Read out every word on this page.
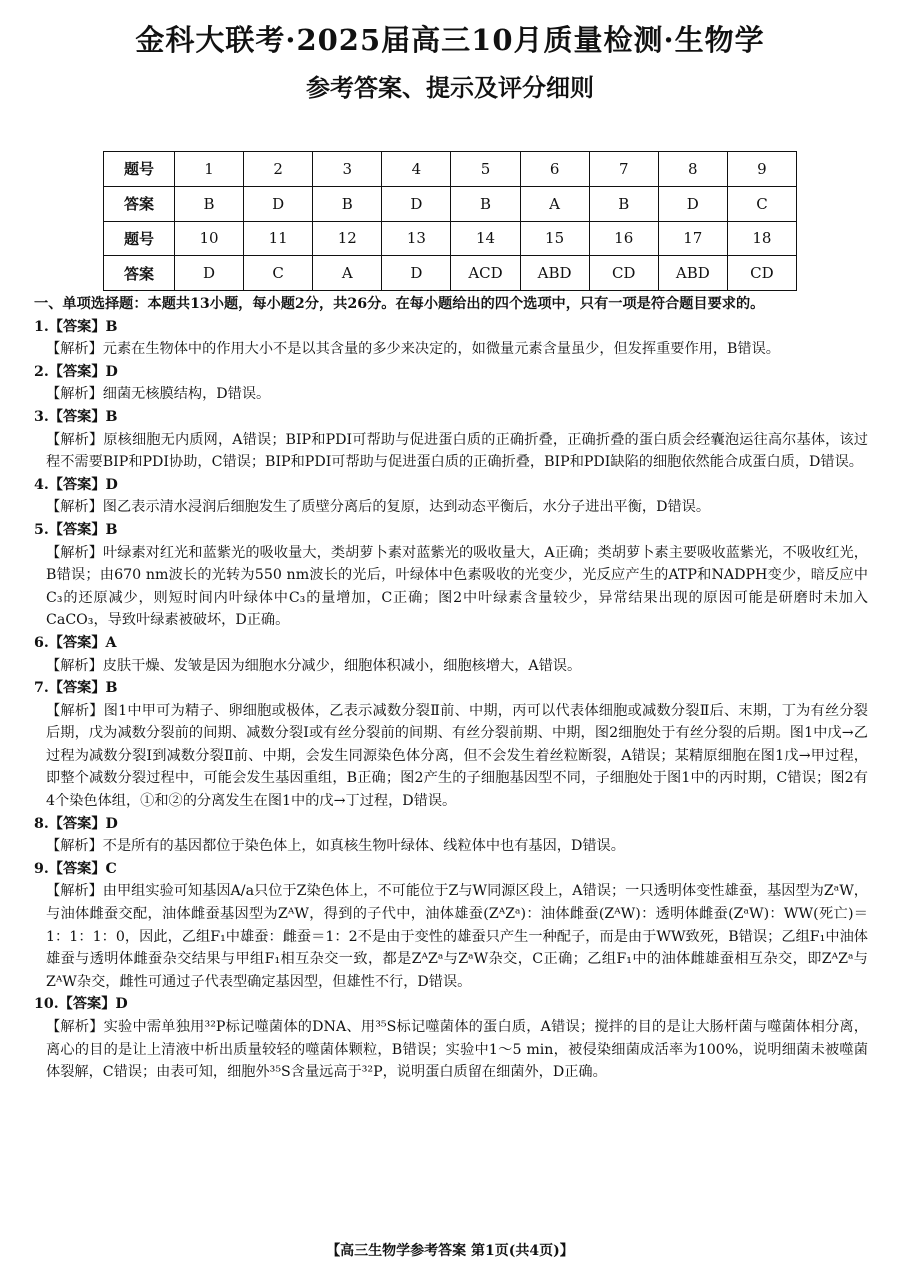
金科大联考·2025届高三10月质量检测·生物学
参考答案、提示及评分细则
题号	1	2	3	4	5	6	7	8	9
答案	B	D	B	D	B	A	B	D	C
题号	10	11	12	13	14	15	16	17	18
答案	D	C	A	D	ACD	ABD	CD	ABD	CD

一、单项选择题：本题共13小题，每小题2分，共26分。在每小题给出的四个选项中，只有一项是符合题目要求的。

1.【答案】B

【解析】元素在生物体中的作用大小不是以其含量的多少来决定的，如微量元素含量虽少，但发挥重要作用，B错误。

2.【答案】D

【解析】细菌无核膜结构，D错误。

3.【答案】B

【解析】原核细胞无内质网，A错误；BIP和PDI可帮助与促进蛋白质的正确折叠，正确折叠的蛋白质会经囊泡运往高尔基体，该过程不需要BIP和PDI协助，C错误；BIP和PDI可帮助与促进蛋白质的正确折叠，BIP和PDI缺陷的细胞依然能合成蛋白质，D错误。

4.【答案】D

【解析】图乙表示清水浸润后细胞发生了质壁分离后的复原，达到动态平衡后，水分子进出平衡，D错误。

5.【答案】B

【解析】叶绿素对红光和蓝紫光的吸收量大，类胡萝卜素对蓝紫光的吸收量大，A正确；类胡萝卜素主要吸收蓝紫光，不吸收红光，B错误；由670 nm波长的光转为550 nm波长的光后，叶绿体中色素吸收的光变少，光反应产生的ATP和NADPH变少，暗反应中C₃的还原减少，则短时间内叶绿体中C₃的量增加，C正确；图2中叶绿素含量较少，异常结果出现的原因可能是研磨时未加入CaCO₃，导致叶绿素被破坏，D正确。

6.【答案】A

【解析】皮肤干燥、发皱是因为细胞水分减少，细胞体积减小，细胞核增大，A错误。

7.【答案】B

【解析】图1中甲可为精子、卵细胞或极体，乙表示减数分裂Ⅱ前、中期，丙可以代表体细胞或减数分裂Ⅱ后、末期，丁为有丝分裂后期，戊为减数分裂前的间期、减数分裂Ⅰ或有丝分裂前的间期、有丝分裂前期、中期，图2细胞处于有丝分裂的后期。图1中戊→乙过程为减数分裂Ⅰ到减数分裂Ⅱ前、中期，会发生同源染色体分离，但不会发生着丝粒断裂，A错误；某精原细胞在图1戊→甲过程，即整个减数分裂过程中，可能会发生基因重组，B正确；图2产生的子细胞基因型不同，子细胞处于图1中的丙时期，C错误；图2有4个染色体组，①和②的分离发生在图1中的戊→丁过程，D错误。

8.【答案】D

【解析】不是所有的基因都位于染色体上，如真核生物叶绿体、线粒体中也有基因，D错误。

9.【答案】C

【解析】由甲组实验可知基因A/a只位于Z染色体上，不可能位于Z与W同源区段上，A错误；一只透明体变性雄蚕，基因型为ZᵃW，与油体雌蚕交配，油体雌蚕基因型为ZᴬW，得到的子代中，油体雄蚕(ZᴬZᵃ)：油体雌蚕(ZᴬW)：透明体雌蚕(ZᵃW)：WW(死亡)＝1：1：1：0，因此，乙组F₁中雄蚕：雌蚕＝1：2不是由于变性的雄蚕只产生一种配子，而是由于WW致死，B错误；乙组F₁中油体雄蚕与透明体雌蚕杂交结果与甲组F₁相互杂交一致，都是ZᴬZᵃ与ZᵃW杂交，C正确；乙组F₁中的油体雌雄蚕相互杂交，即ZᴬZᵃ与ZᴬW杂交，雌性可通过子代表型确定基因型，但雄性不行，D错误。

10.【答案】D

【解析】实验中需单独用³²P标记噬菌体的DNA、用³⁵S标记噬菌体的蛋白质，A错误；搅拌的目的是让大肠杆菌与噬菌体相分离，离心的目的是让上清液中析出质量较轻的噬菌体颗粒，B错误；实验中1～5 min，被侵染细菌成活率为100%，说明细菌未被噬菌体裂解，C错误；由表可知，细胞外³⁵S含量远高于³²P，说明蛋白质留在细菌外，D正确。

【高三生物学参考答案 第1页(共4页)】
